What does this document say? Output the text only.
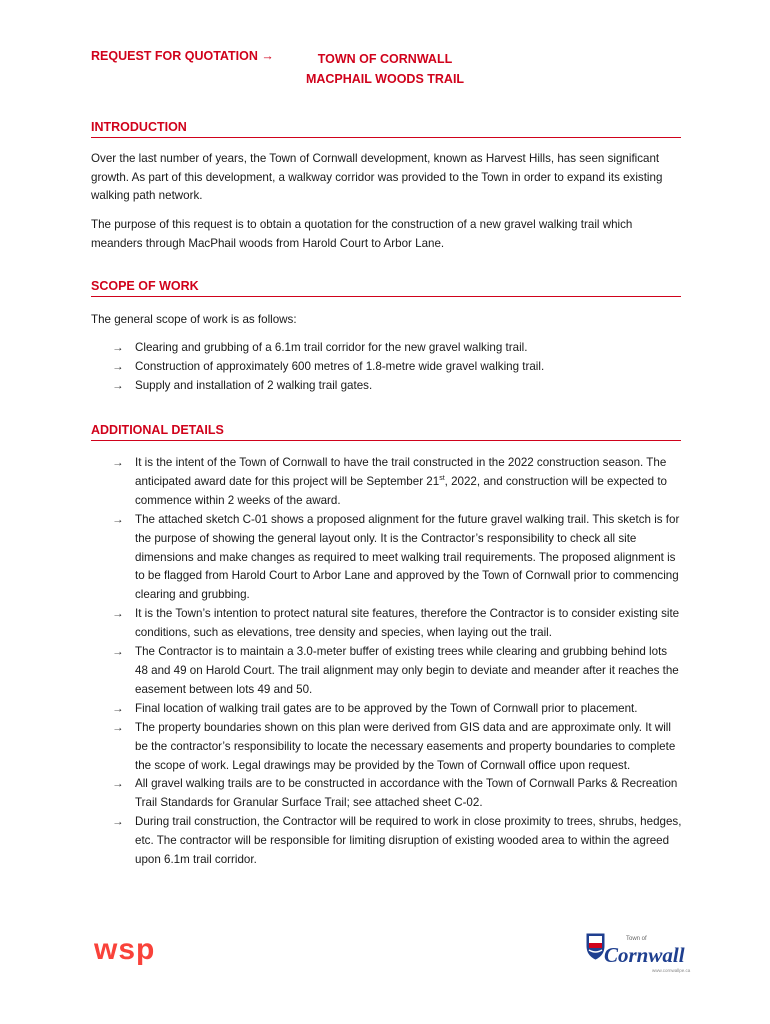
REQUEST FOR QUOTATION →	TOWN OF CORNWALL
MACPHAIL WOODS TRAIL
INTRODUCTION

Over the last number of years, the Town of Cornwall development, known as Harvest Hills, has seen significant growth. As part of this development, a walkway corridor was provided to the Town in order to expand its existing walking path network.

The purpose of this request is to obtain a quotation for the construction of a new gravel walking trail which meanders through MacPhail woods from Harold Court to Arbor Lane.

SCOPE OF WORK

The general scope of work is as follows:

→ Clearing and grubbing of a 6.1m trail corridor for the new gravel walking trail.
→ Construction of approximately 600 metres of 1.8-metre wide gravel walking trail.
→ Supply and installation of 2 walking trail gates.
ADDITIONAL DETAILS
→ It is the intent of the Town of Cornwall to have the trail constructed in the 2022 construction season. The anticipated award date for this project will be September 21st, 2022, and construction will be expected to commence within 2 weeks of the award.
→ The attached sketch C-01 shows a proposed alignment for the future gravel walking trail. This sketch is for the purpose of showing the general layout only. It is the Contractor’s responsibility to check all site dimensions and make changes as required to meet walking trail requirements. The proposed alignment is to be flagged from Harold Court to Arbor Lane and approved by the Town of Cornwall prior to commencing clearing and grubbing.
→ It is the Town’s intention to protect natural site features, therefore the Contractor is to consider existing site conditions, such as elevations, tree density and species, when laying out the trail.
→ The Contractor is to maintain a 3.0-meter buffer of existing trees while clearing and grubbing behind lots 48 and 49 on Harold Court. The trail alignment may only begin to deviate and meander after it reaches the easement between lots 49 and 50.
→ Final location of walking trail gates are to be approved by the Town of Cornwall prior to placement.
→ The property boundaries shown on this plan were derived from GIS data and are approximate only. It will be the contractor’s responsibility to locate the necessary easements and property boundaries to complete the scope of work. Legal drawings may be provided by the Town of Cornwall office upon request.
→ All gravel walking trails are to be constructed in accordance with the Town of Cornwall Parks & Recreation Trail Standards for Granular Surface Trail; see attached sheet C-02.
→ During trail construction, the Contractor will be required to work in close proximity to trees, shrubs, hedges, etc. The contractor will be responsible for limiting disruption of existing wooded area to within the agreed upon 6.1m trail corridor.
wsp	Town of
Cornwall
www.cornwallpe.ca
